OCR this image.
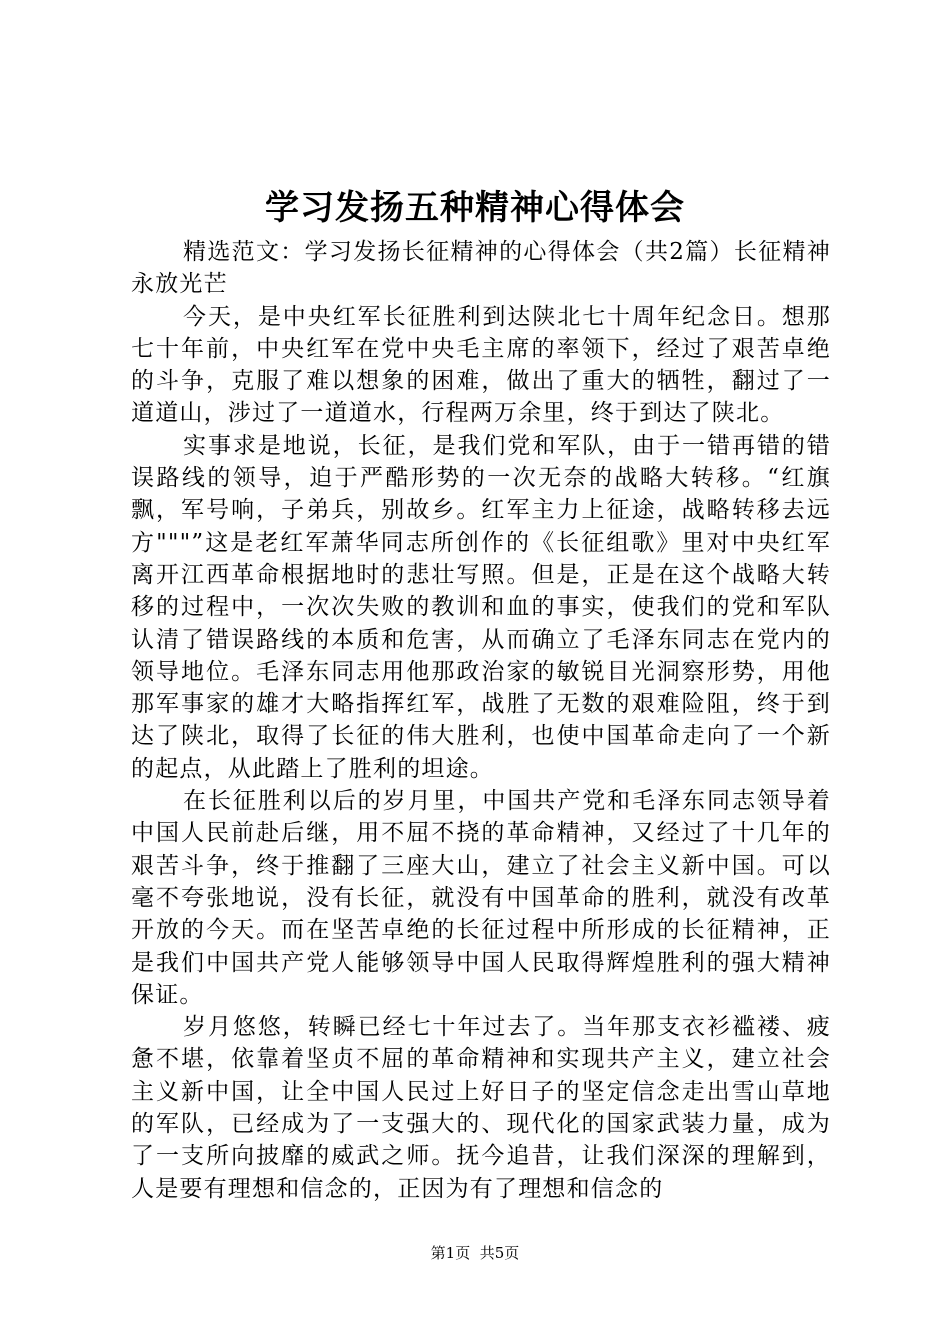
学习发扬五种精神心得体会

精选范文：学习发扬长征精神的心得体会（共2篇）长征精神永放光芒

今天，是中央红军长征胜利到达陕北七十周年纪念日。想那七十年前，中央红军在党中央毛主席的率领下，经过了艰苦卓绝的斗争，克服了难以想象的困难，做出了重大的牺牲，翻过了一道道山，涉过了一道道水，行程两万余里，终于到达了陕北。

实事求是地说，长征，是我们党和军队，由于一错再错的错误路线的领导，迫于严酷形势的一次无奈的战略大转移。“红旗飘，军号响，子弟兵，别故乡。红军主力上征途，战略转移去远方"""”这是老红军萧华同志所创作的《长征组歌》里对中央红军离开江西革命根据地时的悲壮写照。但是，正是在这个战略大转移的过程中，一次次失败的教训和血的事实，使我们的党和军队认清了错误路线的本质和危害，从而确立了毛泽东同志在党内的领导地位。毛泽东同志用他那政治家的敏锐目光洞察形势，用他那军事家的雄才大略指挥红军，战胜了无数的艰难险阻，终于到达了陕北，取得了长征的伟大胜利，也使中国革命走向了一个新的起点，从此踏上了胜利的坦途。

在长征胜利以后的岁月里，中国共产党和毛泽东同志领导着中国人民前赴后继，用不屈不挠的革命精神，又经过了十几年的艰苦斗争，终于推翻了三座大山，建立了社会主义新中国。可以毫不夸张地说，没有长征，就没有中国革命的胜利，就没有改革开放的今天。而在坚苦卓绝的长征过程中所形成的长征精神，正是我们中国共产党人能够领导中国人民取得辉煌胜利的强大精神保证。

岁月悠悠，转瞬已经七十年过去了。当年那支衣衫褴褛、疲惫不堪，依靠着坚贞不屈的革命精神和实现共产主义，建立社会主义新中国，让全中国人民过上好日子的坚定信念走出雪山草地的军队，已经成为了一支强大的、现代化的国家武装力量，成为了一支所向披靡的威武之师。抚今追昔，让我们深深的理解到，人是要有理想和信念的，正因为有了理想和信念的

第1页 共5页
